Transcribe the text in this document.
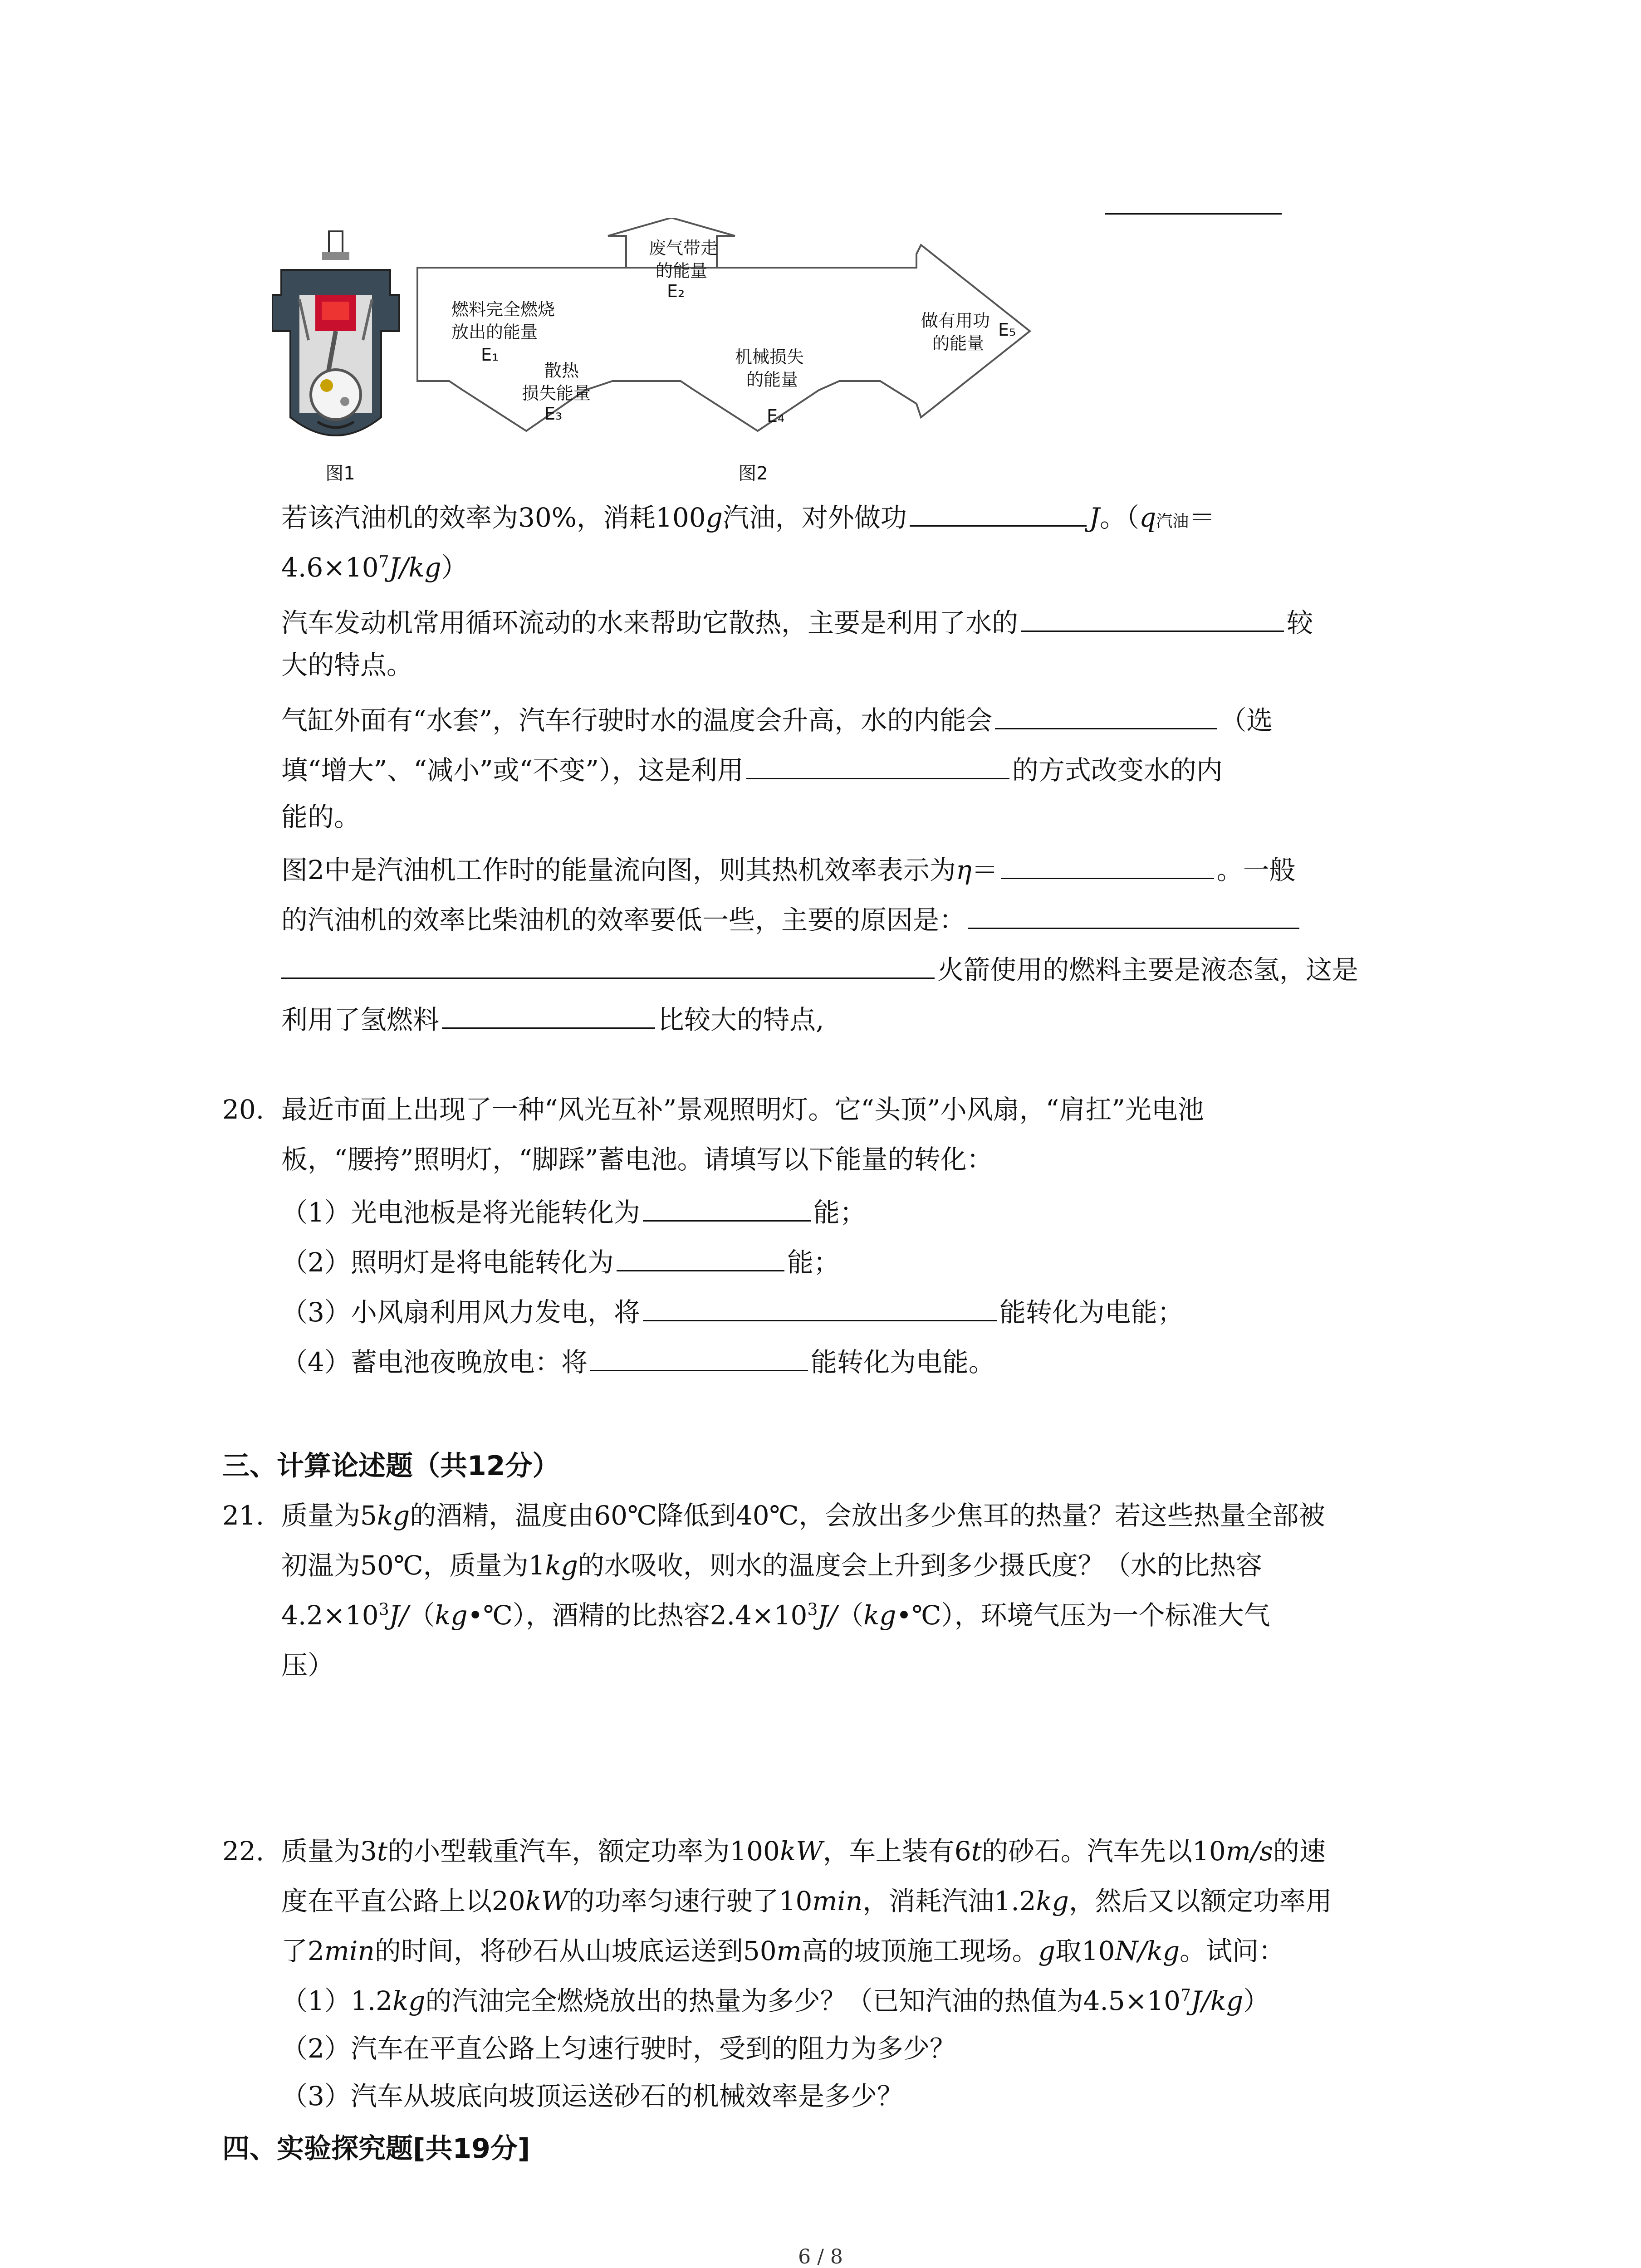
图1
燃料完全燃烧
放出的能量
E₁
废气带走
的能量
E₂
散热
损失能量
E₃
机械损失
的能量
E₄
做有用功
的能量
E₅
图2
若该汽油机的效率为30%，消耗100g汽油，对外做功	J。（q汽油＝
$4.6\times 10^7J/kg$）
汽车发动机常用循环流动的水来帮助它散热，主要是利用了水的	较
大的特点。
气缸外面有“水套”，汽车行驶时水的温度会升高，水的内能会	（选
填“增大”、“减小”或“不变”），这是利用	的方式改变水的内
能的。
图2中是汽油机工作时的能量流向图，则其热机效率表示为η＝	。一般
的汽油机的效率比柴油机的效率要低一些，主要的原因是：
火箭使用的燃料主要是液态氢，这是
利用了氢燃料	比较大的特点,
20. 最近市面上出现了一种“风光互补”景观照明灯。它“头顶”小风扇，“肩扛”光电池
板，“腰挎”照明灯，“脚踩”蓄电池。请填写以下能量的转化：
（1）光电池板是将光能转化为	能；
（2）照明灯是将电能转化为	能；
（3）小风扇利用风力发电，将	能转化为电能；
（4）蓄电池夜晚放电：将	能转化为电能。
三、计算论述题（共12分）
21. 质量为5kg的酒精，温度由60℃降低到40℃，会放出多少焦耳的热量？若这些热量全部被
初温为50℃，质量为1kg的水吸收，则水的温度会上升到多少摄氏度？（水的比热容
$4.2\times 10^3J/(kg•℃)$，酒精的比热容$2.4\times 10^3J/(kg•℃)$，环境气压为一个标准大气
压）
22. 质量为3t的小型载重汽车，额定功率为100kW，车上装有6t的砂石。汽车先以10m/s的速
度在平直公路上以20kW的功率匀速行驶了10min，消耗汽油1.2kg，然后又以额定功率用
了2min的时间，将砂石从山坡底运送到50m高的坡顶施工现场。g取10N/kg。试问：
（1）1.2kg的汽油完全燃烧放出的热量为多少？（已知汽油的热值为$4.5\times 10^7J/kg$）
（2）汽车在平直公路上匀速行驶时，受到的阻力为多少？
（3）汽车从坡底向坡顶运送砂石的机械效率是多少？
四、实验探究题[共19分]
6 / 8
